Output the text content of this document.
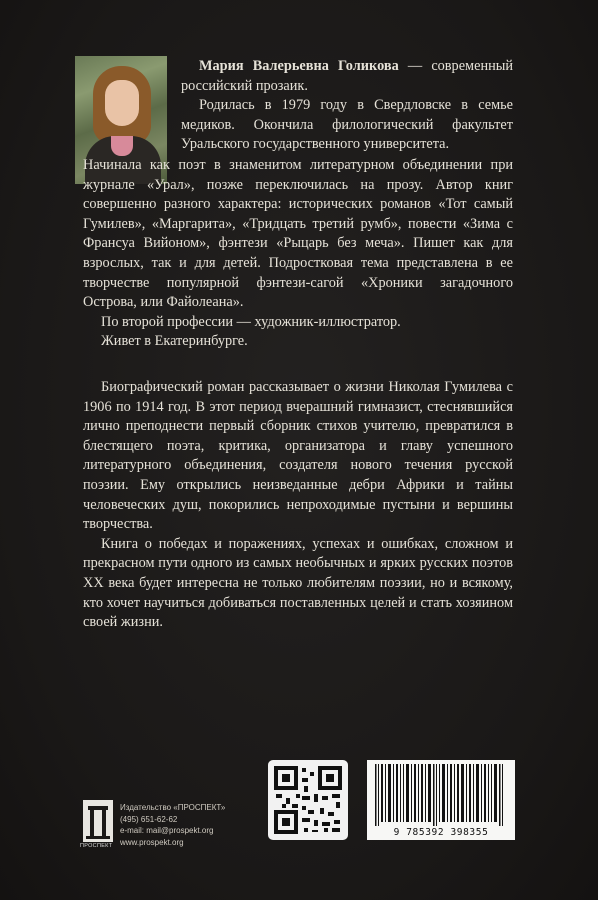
Мария Валерьевна Голикова — современный российский прозаик.

Родилась в 1979 году в Свердловске в семье медиков. Окончила филологический факультет Уральского государственного университета.

Начинала как поэт в знаменитом литературном объединении при журнале «Урал», позже переключилась на прозу. Автор книг совершенно разного характера: исторических романов «Тот самый Гумилев», «Маргарита», «Тридцать третий румб», повести «Зима с Франсуа Вийоном», фэнтези «Рыцарь без меча». Пишет как для взрослых, так и для детей. Подростковая тема представлена в ее творчестве популярной фэнтези-сагой «Хроники загадочного Острова, или Файолеана».

По второй профессии — художник-иллюстратор.

Живет в Екатеринбурге.

Биографический роман рассказывает о жизни Николая Гумилева с 1906 по 1914 год. В этот период вчерашний гимназист, стеснявшийся лично преподнести первый сборник стихов учителю, превратился в блестящего поэта, критика, организатора и главу успешного литературного объединения, создателя нового течения русской поэзии. Ему открылись неизведанные дебри Африки и тайны человеческих душ, покорились непроходимые пустыни и вершины творчества.

Книга о победах и поражениях, успехах и ошибках, сложном и прекрасном пути одного из самых необычных и ярких русских поэтов XX века будет интересна не только любителям поэзии, но и всякому, кто хочет научиться добиваться поставленных целей и стать хозяином своей жизни.

ПРОСПЕКТ
Издательство «ПРОСПЕКТ»
(495) 651-62-62
e-mail: mail@prospekt.org
www.prospekt.org
9 785392 398355
